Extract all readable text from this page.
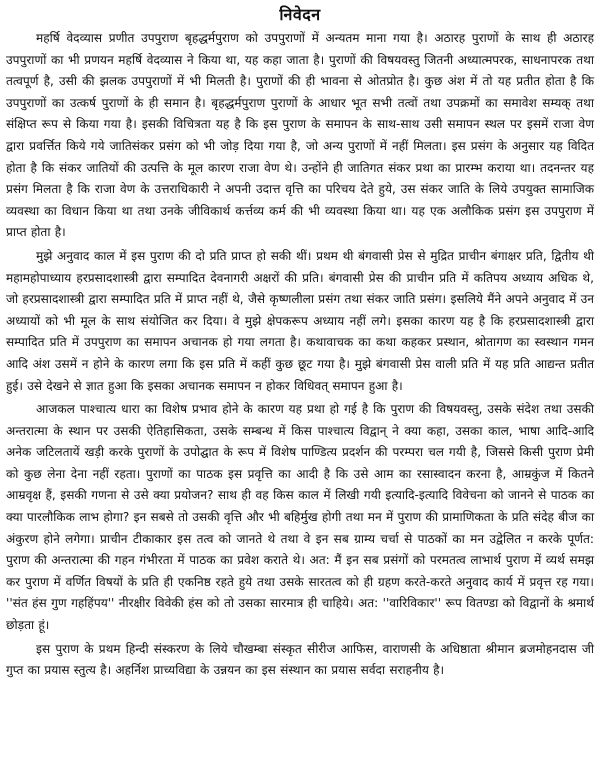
निवेदन

महर्षि वेदव्यास प्रणीत उपपुराण बृहद्धर्मपुराण को उपपुराणों में अन्यतम माना गया है। अठारह पुराणों के साथ ही अठारह उपपुराणों का भी प्रणयन महर्षि वेदव्यास ने किया था, यह कहा जाता है। पुराणों की विषयवस्तु जितनी अध्यात्मपरक, साधनापरक तथा तत्वपूर्ण है, उसी की झलक उपपुराणों में भी मिलती है। पुराणों की ही भावना से ओतप्रोत है। कुछ अंश में तो यह प्रतीत होता है कि उपपुराणों का उत्कर्ष पुराणों के ही समान है। बृहद्धर्मपुराण पुराणों के आधार भूत सभी तत्वों तथा उपक्रमों का समावेश सम्यक् तथा संक्षिप्त रूप से किया गया है। इसकी विचित्रता यह है कि इस पुराण के समापन के साथ-साथ उसी समापन स्थल पर इसमें राजा वेण द्वारा प्रवर्त्तित किये गये जातिसंकर प्रसंग को भी जोड़ दिया गया है, जो अन्य पुराणों में नहीं मिलता। इस प्रसंग के अनुसार यह विदित होता है कि संकर जातियों की उत्पत्ति के मूल कारण राजा वेण थे। उन्होंने ही जातिगत संकर प्रथा का प्रारम्भ कराया था। तदनन्तर यह प्रसंग मिलता है कि राजा वेण के उत्तराधिकारी ने अपनी उदात्त वृत्ति का परिचय देते हुये, उस संकर जाति के लिये उपयुक्त सामाजिक व्यवस्था का विधान किया था तथा उनके जीविकार्थ कर्त्तव्य कर्म की भी व्यवस्था किया था। यह एक अलौकिक प्रसंग इस उपपुराण में प्राप्त होता है।

मुझे अनुवाद काल में इस पुराण की दो प्रति प्राप्त हो सकी थीं। प्रथम थी बंगवासी प्रेस से मुद्रित प्राचीन बंगाक्षर प्रति, द्वितीय थी महामहोपाध्याय हरप्रसादशास्त्री द्वारा सम्पादित देवनागरी अक्षरों की प्रति। बंगवासी प्रेस की प्राचीन प्रति में कतिपय अध्याय अधिक थे, जो हरप्रसादशास्त्री द्वारा सम्पादित प्रति में प्राप्त नहीं थे, जैसे कृष्णलीला प्रसंग तथा संकर जाति प्रसंग। इसलिये मैंने अपने अनुवाद में उन अध्यायों को भी मूल के साथ संयोजित कर दिया। वे मुझे क्षेपकरूप अध्याय नहीं लगे। इसका कारण यह है कि हरप्रसादशास्त्री द्वारा सम्पादित प्रति में उपपुराण का समापन अचानक हो गया लगता है। कथावाचक का कथा कहकर प्रस्थान, श्रोतागण का स्वस्थान गमन आदि अंश उसमें न होने के कारण लगा कि इस प्रति में कहीं कुछ छूट गया है। मुझे बंगवासी प्रेस वाली प्रति में यह प्रति आद्यन्त प्रतीत हुई। उसे देखने से ज्ञात हुआ कि इसका अचानक समापन न होकर विधिवत् समापन हुआ है।

आजकल पाश्चात्य धारा का विशेष प्रभाव होने के कारण यह प्रथा हो गई है कि पुराण की विषयवस्तु, उसके संदेश तथा उसकी अन्तरात्मा के स्थान पर उसकी ऐतिहासिकता, उसके सम्बन्ध में किस पाश्चात्य विद्वान् ने क्या कहा, उसका काल, भाषा आदि-आदि अनेक जटिलतायें खड़ी करके पुराणों के उपोद्घात के रूप में विशेष पाण्डित्य प्रदर्शन की परम्परा चल गयी है, जिससे किसी पुराण प्रेमी को कुछ लेना देना नहीं रहता। पुराणों का पाठक इस प्रवृत्ति का आदी है कि उसे आम का रसास्वादन करना है, आम्रकुंज में कितने आम्रवृक्ष हैं, इसकी गणना से उसे क्या प्रयोजन? साथ ही वह किस काल में लिखी गयी इत्यादि-इत्यादि विवेचना को जानने से पाठक का क्या पारलौकिक लाभ होगा? इन सबसे तो उसकी वृत्ति और भी बहिर्मुख होगी तथा मन में पुराण की प्रामाणिकता के प्रति संदेह बीज का अंकुरण होने लगेगा। प्राचीन टीकाकार इस तत्व को जानते थे तथा वे इन सब ग्राम्य चर्चा से पाठकों का मन उद्वेलित न करके पूर्णत: पुराण की अन्तरात्मा की गहन गंभीरता में पाठक का प्रवेश कराते थे। अत: मैं इन सब प्रसंगों को परमतत्व लाभार्थ पुराण में व्यर्थ समझ कर पुराण में वर्णित विषयों के प्रति ही एकनिष्ठ रहते हुये तथा उसके सारतत्व को ही ग्रहण करते-करते अनुवाद कार्य में प्रवृत्त रह गया। ''संत हंस गुण गहहिंपय'' नीरक्षीर विवेकी हंस को तो उसका सारमात्र ही चाहिये। अत: ''वारिविकार'' रूप वितण्डा को विद्वानों के श्रमार्थ छोड़ता हूं।

इस पुराण के प्रथम हिन्दी संस्करण के लिये चौखम्बा संस्कृत सीरीज आफिस, वाराणसी के अधिष्ठाता श्रीमान ब्रजमोहनदास जी गुप्त का प्रयास स्तुत्य है। अहर्निश प्राच्यविद्या के उन्नयन का इस संस्थान का प्रयास सर्वदा सराहनीय है।
